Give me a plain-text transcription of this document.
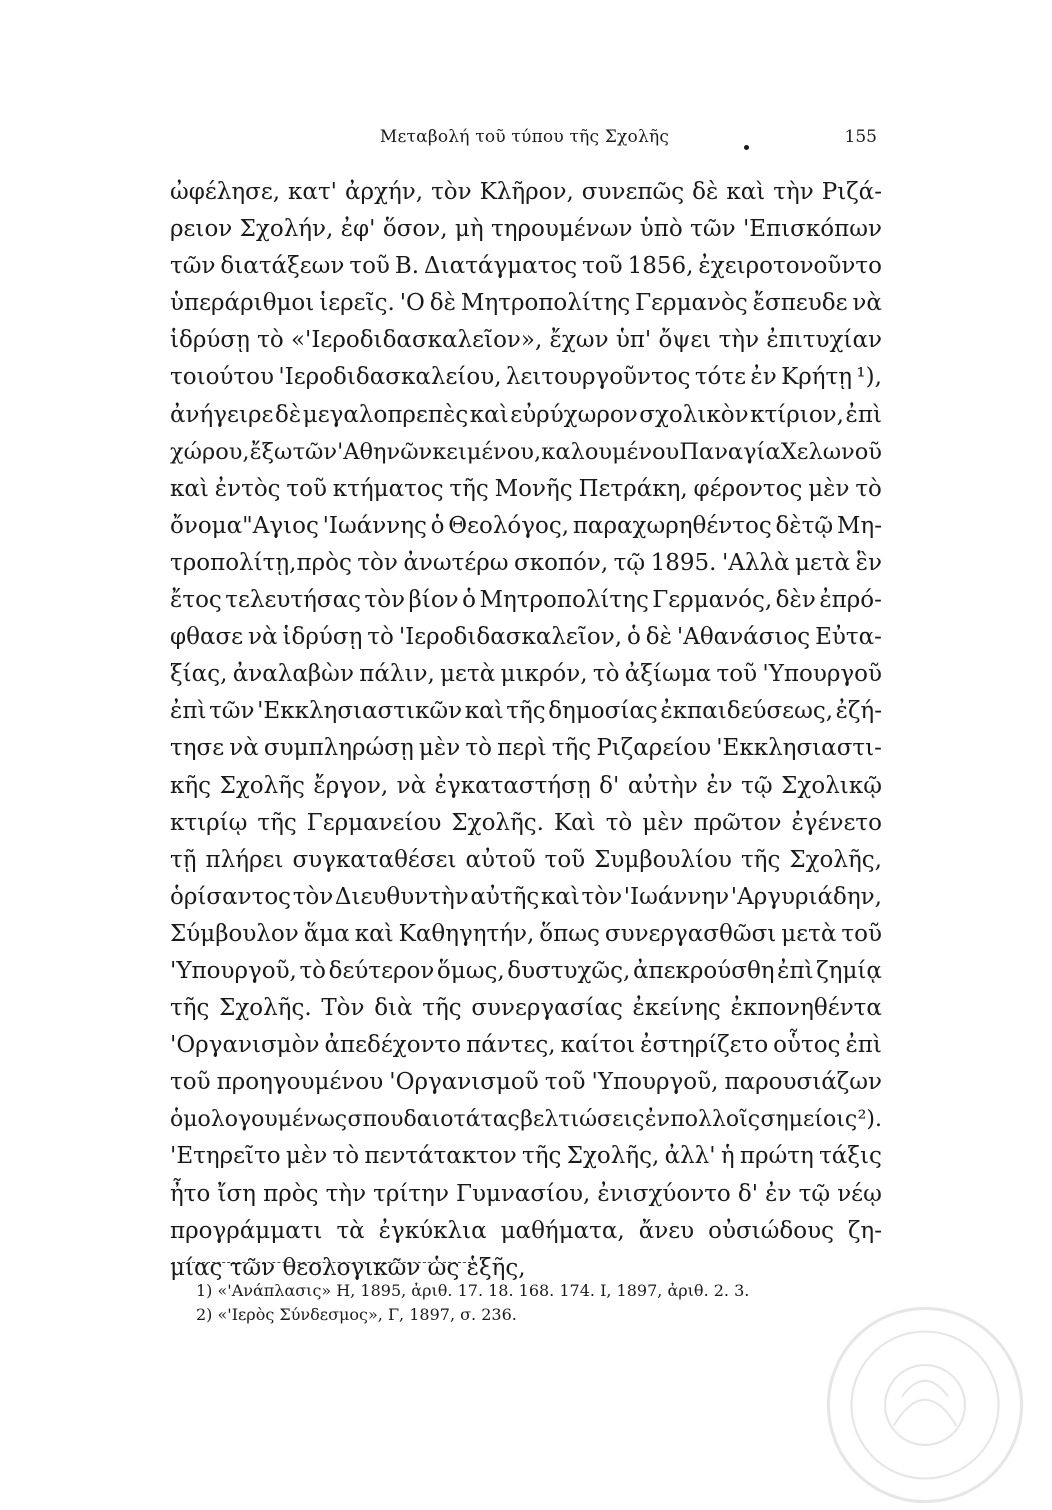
Μεταβολή τοῦ τύπου τῆς Σχολῆς	155
ὠφέλησε, κατ' ἀρχήν, τὸν Κλῆρον, συνεπῶς δὲ καὶ τὴν Ριζά-
ρειον Σχολήν, ἐφ' ὅσον, μὴ τηρουμένων ὑπὸ τῶν 'Επισκόπων
τῶν διατάξεων τοῦ Β. Διατάγματος τοῦ 1856, ἐχειροτονοῦντο
ὑπεράριθμοι ἱερεῖς. 'Ο δὲ Μητροπολίτης Γερμανὸς ἔσπευδε νὰ
ἱδρύσῃ τὸ «'Ιεροδιδασκαλεῖον», ἔχων ὑπ' ὄψει τὴν ἐπιτυχίαν
τοιούτου 'Ιεροδιδασκαλείου, λειτουργοῦντος τότε ἐν Κρήτῃ ¹),
ἀνήγειρε δὲ μεγαλοπρεπὲς καὶ εὐρύχωρον σχολικὸν κτίριον, ἐπὶ
χώρου,ἔξω τῶν'Αθηνῶνκειμένου, καλουμένου Παναγία Χελωνοῦ
καὶ ἐντὸς τοῦ κτήματος τῆς Μονῆς Πετράκη, φέροντος μὲν τὸ
ὄνομα"Αγιος 'Ιωάννης ὁ Θεολόγος, παραχωρηθέντος δὲτῷ Μη-
τροπολίτῃ,πρὸς τὸν ἀνωτέρω σκοπόν, τῷ 1895. 'Αλλὰ μετὰ ἓν
ἔτος τελευτήσας τὸν βίον ὁ Μητροπολίτης Γερμανός, δὲν ἐπρό-
φθασε νὰ ἱδρύσῃ τὸ 'Ιεροδιδασκαλεῖον, ὁ δὲ 'Αθανάσιος Εὐτα-
ξίας, ἀναλαβὼν πάλιν, μετὰ μικρόν, τὸ ἀξίωμα τοῦ 'Υπουργοῦ
ἐπὶ τῶν 'Εκκλησιαστικῶν καὶ τῆς δημοσίας ἐκπαιδεύσεως, ἐζή-
τησε νὰ συμπληρώσῃ μὲν τὸ περὶ τῆς Ριζαρείου 'Εκκλησιαστι-
κῆς Σχολῆς ἔργον, νὰ ἐγκαταστήσῃ δ' αὐτὴν ἐν τῷ Σχολικῷ
κτιρίῳ τῆς Γερμανείου Σχολῆς. Καὶ τὸ μὲν πρῶτον ἐγένετο
τῇ πλήρει συγκαταθέσει αὐτοῦ τοῦ Συμβουλίου τῆς Σχολῆς,
ὁρίσαντος τὸν Διευθυντὴν αὐτῆς καὶ τὸν 'Ιωάννην 'Αργυριάδην,
Σύμβουλον ἅμα καὶ Καθηγητήν, ὅπως συνεργασθῶσι μετὰ τοῦ
'Υπουργοῦ, τὸ δεύτερον ὅμως, δυστυχῶς, ἀπεκρούσθη ἐπὶ ζημίᾳ
τῆς Σχολῆς. Τὸν διὰ τῆς συνεργασίας ἐκείνης ἐκπονηθέντα
'Οργανισμὸν ἀπεδέχοντο πάντες, καίτοι ἐστηρίζετο οὗτος ἐπὶ
τοῦ προηγουμένου 'Οργανισμοῦ τοῦ 'Υπουργοῦ, παρουσιάζων
ὁμολογουμένως σπουδαιοτάτας βελτιώσεις ἐν πολλοῖς σημείοις ²).
'Ετηρεῖτο μὲν τὸ πεντάτακτον τῆς Σχολῆς, ἀλλ' ἡ πρώτη τάξις
ἦτο ἴση πρὸς τὴν τρίτην Γυμνασίου, ἐνισχύοντο δ' ἐν τῷ νέῳ
προγράμματι τὰ ἐγκύκλια μαθήματα, ἄνευ οὐσιώδους ζη-
μίας τῶν θεολογικῶν ὡς ἑξῆς,
1) «'Ανάπλασις» Η, 1895, ἀριθ. 17. 18. 168. 174. Ι, 1897, ἀριθ. 2. 3.
2) «'Ιερὸς Σύνδεσμος», Γ, 1897, σ. 236.
